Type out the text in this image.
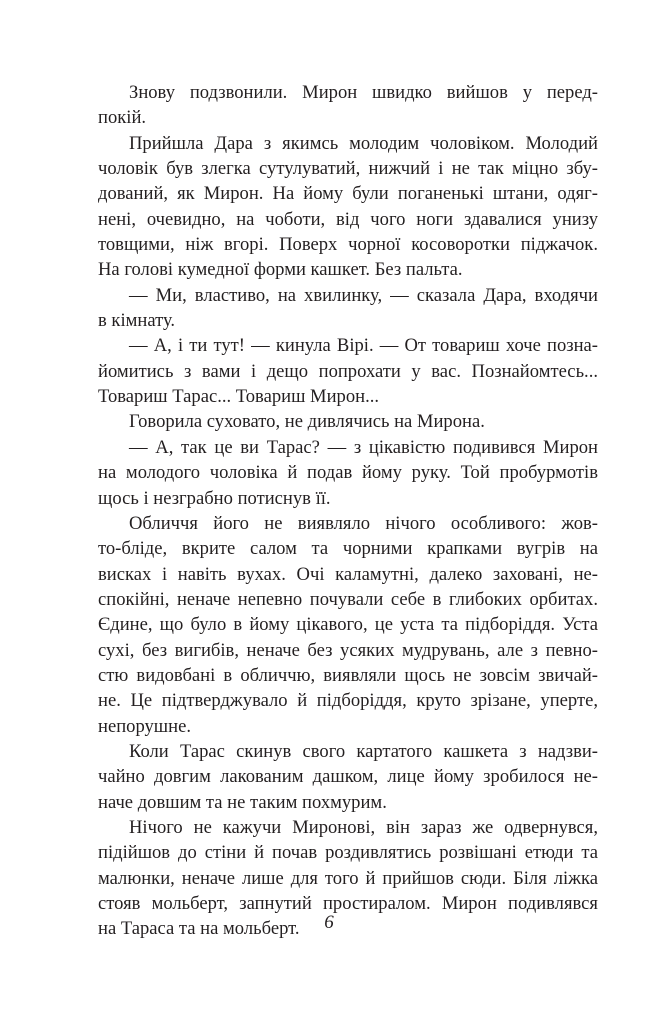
Знову подзвонили. Мирон швидко вийшов у перед-
покій.

Прийшла Дара з якимсь молодим чоловіком. Молодий
чоловік був злегка сутулуватий, нижчий і не так міцно збу-
дований, як Мирон. На йому були поганенькі штани, одяг-
нені, очевидно, на чоботи, від чого ноги здавалися унизу
товщими, ніж вгорі. Поверх чорної косоворотки піджачок.
На голові кумедної форми кашкет. Без пальта.

— Ми, властиво, на хвилинку, — сказала Дара, входячи
в кімнату.

— А, і ти тут! — кинула Вірі. — От товариш хоче позна-
йомитись з вами і дещо попрохати у вас. Познайомтесь...
Товариш Тарас... Товариш Мирон...

Говорила суховато, не дивлячись на Мирона.

— А, так це ви Тарас? — з цікавістю подивився Мирон
на молодого чоловіка й подав йому руку. Той пробурмотів
щось і незграбно потиснув її.

Обличчя його не виявляло нічого особливого: жов-
то-бліде, вкрите салом та чорними крапками вугрів на
висках і навіть вухах. Очі каламутні, далеко заховані, не-
спокійні, неначе непевно почували себе в глибоких орбитах.
Єдине, що було в йому цікавого, це уста та підборіддя. Уста
сухі, без вигибів, неначе без усяких мудрувань, але з певно-
стю видовбані в обличчю, виявляли щось не зовсім звичай-
не. Це підтверджувало й підборіддя, круто зрізане, уперте,
непорушне.

Коли Тарас скинув свого картатого кашкета з надзви-
чайно довгим лакованим дашком, лице йому зробилося не-
наче довшим та не таким похмурим.

Нічого не кажучи Миронові, він зараз же одвернувся,
підійшов до стіни й почав роздивлятись розвішані етюди та
малюнки, неначе лише для того й прийшов сюди. Біля ліжка
стояв мольберт, запнутий простиралом. Мирон подивлявся
на Тараса та на мольберт.	6
